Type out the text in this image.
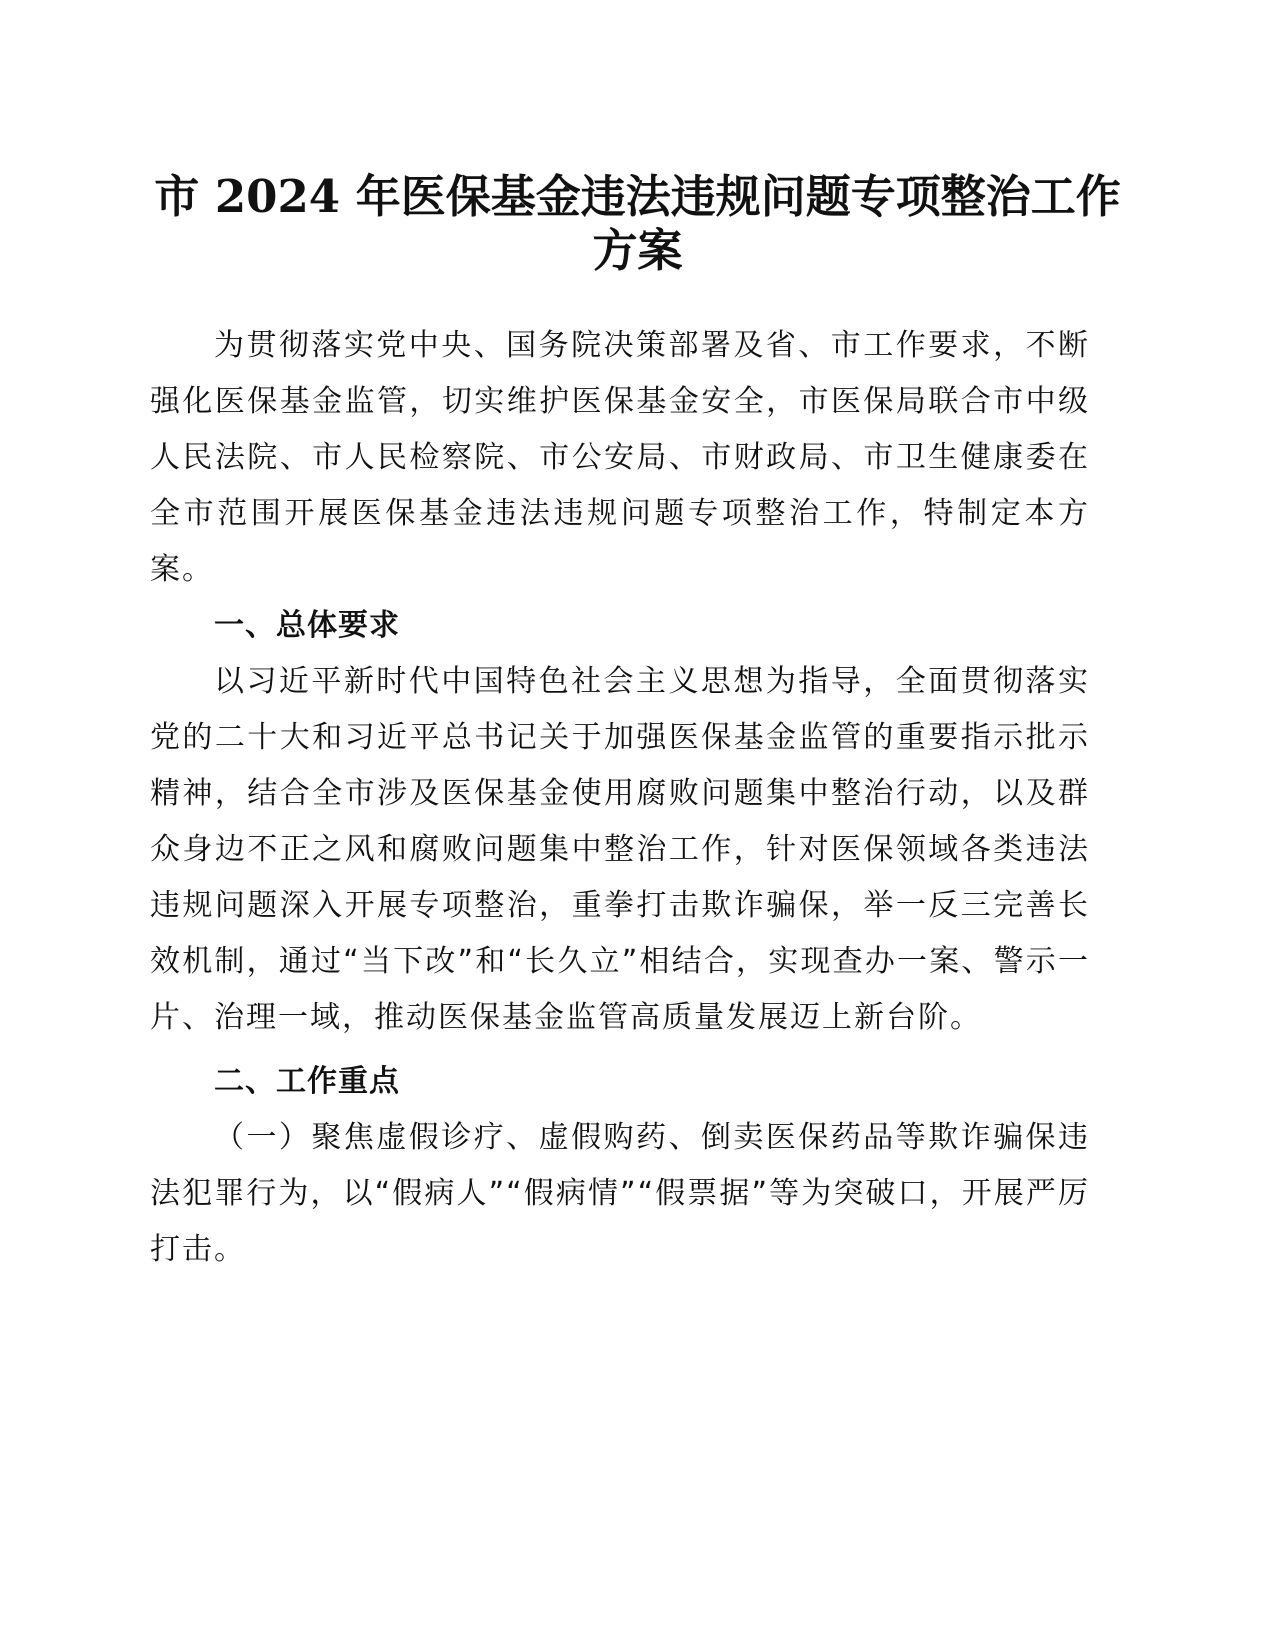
市 2024 年医保基金违法违规问题专项整治工作方案

为贯彻落实党中央、国务院决策部署及省、市工作要求，不断强化医保基金监管，切实维护医保基金安全，市医保局联合市中级人民法院、市人民检察院、市公安局、市财政局、市卫生健康委在全市范围开展医保基金违法违规问题专项整治工作，特制定本方案。

一、总体要求

以习近平新时代中国特色社会主义思想为指导，全面贯彻落实党的二十大和习近平总书记关于加强医保基金监管的重要指示批示精神，结合全市涉及医保基金使用腐败问题集中整治行动，以及群众身边不正之风和腐败问题集中整治工作，针对医保领域各类违法违规问题深入开展专项整治，重拳打击欺诈骗保，举一反三完善长效机制，通过“当下改”和“长久立”相结合，实现查办一案、警示一片、治理一域，推动医保基金监管高质量发展迈上新台阶。

二、工作重点

（一）聚焦虚假诊疗、虚假购药、倒卖医保药品等欺诈骗保违法犯罪行为，以“假病人”“假病情”“假票据”等为突破口，开展严厉打击。
